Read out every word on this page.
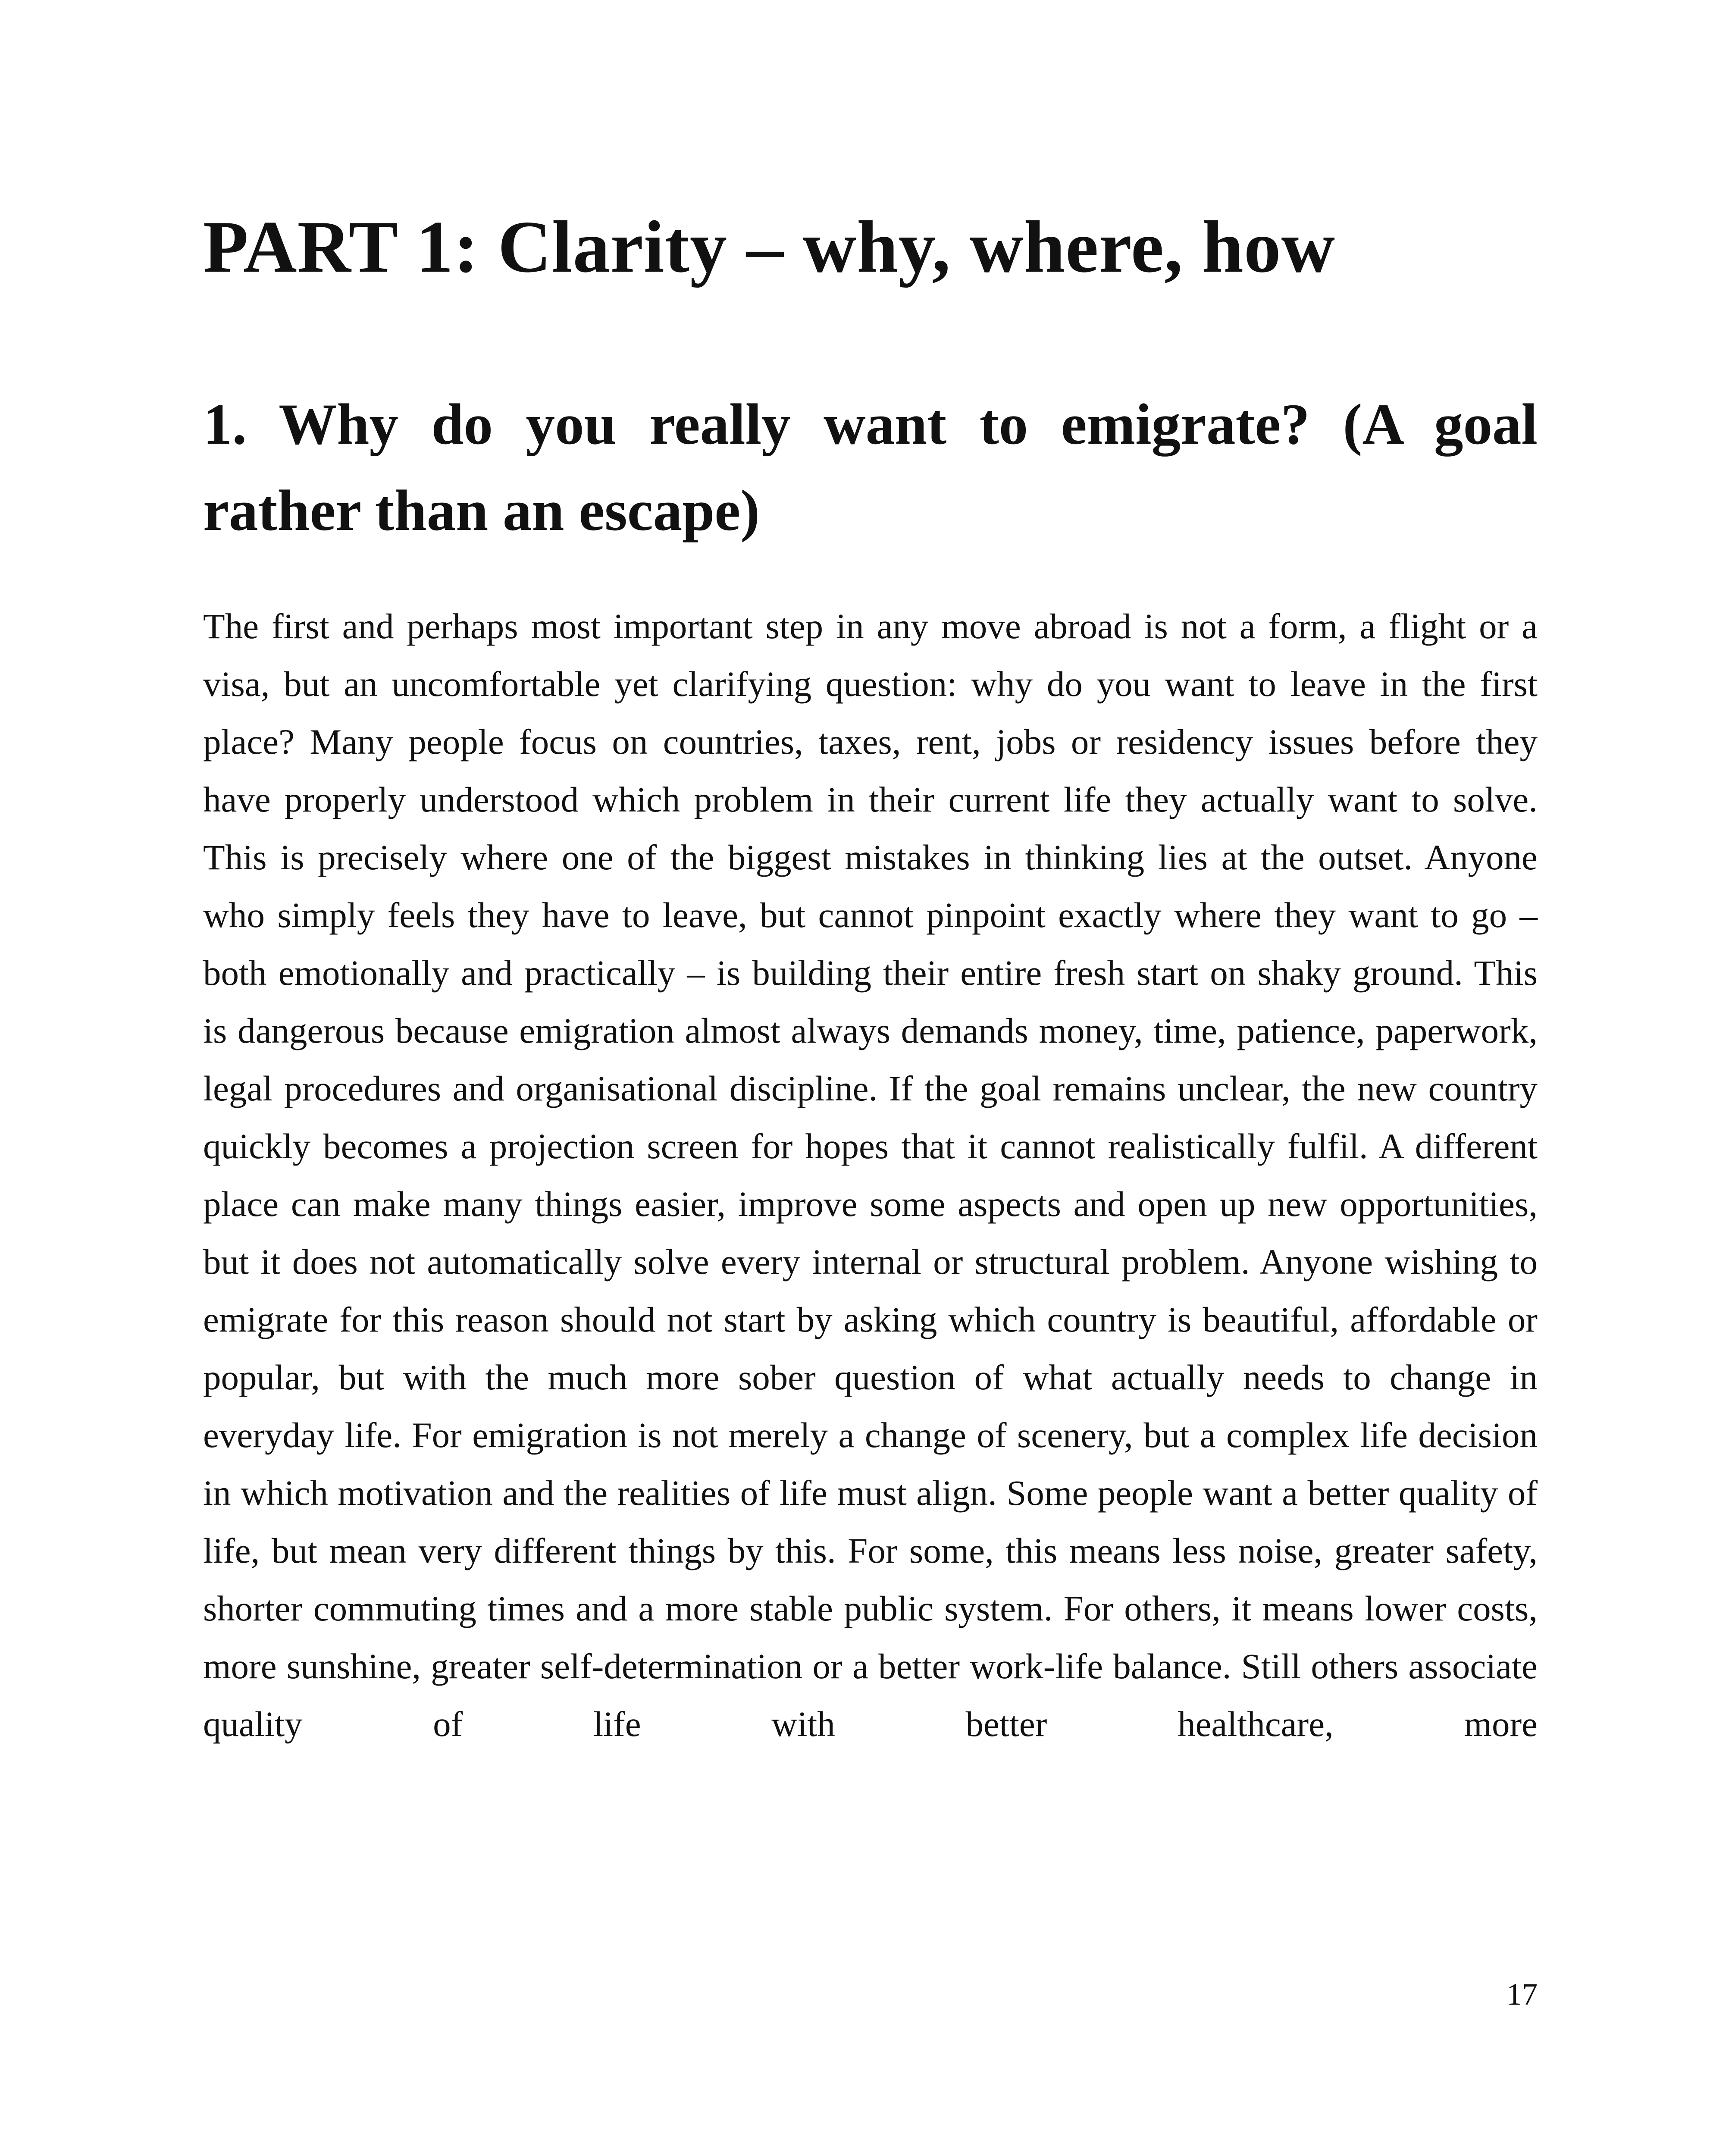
PART 1: Clarity – why, where, how
1. Why do you really want to emigrate? (A goal rather than an escape)

The first and perhaps most important step in any move abroad is not a form, a flight or a visa, but an uncomfortable yet clarifying question: why do you want to leave in the first place? Many people focus on countries, taxes, rent, jobs or residency issues before they have properly understood which problem in their current life they actually want to solve. This is precisely where one of the biggest mistakes in thinking lies at the outset. Anyone who simply feels they have to leave, but cannot pinpoint exactly where they want to go – both emotionally and practically – is building their entire fresh start on shaky ground. This is dangerous because emigration almost always demands money, time, patience, paperwork, legal procedures and organisational discipline. If the goal remains unclear, the new country quickly becomes a projection screen for hopes that it cannot realistically fulfil. A different place can make many things easier, improve some aspects and open up new opportunities, but it does not automatically solve every internal or structural problem. Anyone wishing to emigrate for this reason should not start by asking which country is beautiful, affordable or popular, but with the much more sober question of what actually needs to change in everyday life. For emigration is not merely a change of scenery, but a complex life decision in which motivation and the realities of life must align. Some people want a better quality of life, but mean very different things by this. For some, this means less noise, greater safety, shorter commuting times and a more stable public system. For others, it means lower costs, more sunshine, greater self-determination or a better work-life balance. Still others associate quality of life with better healthcare, more

17
